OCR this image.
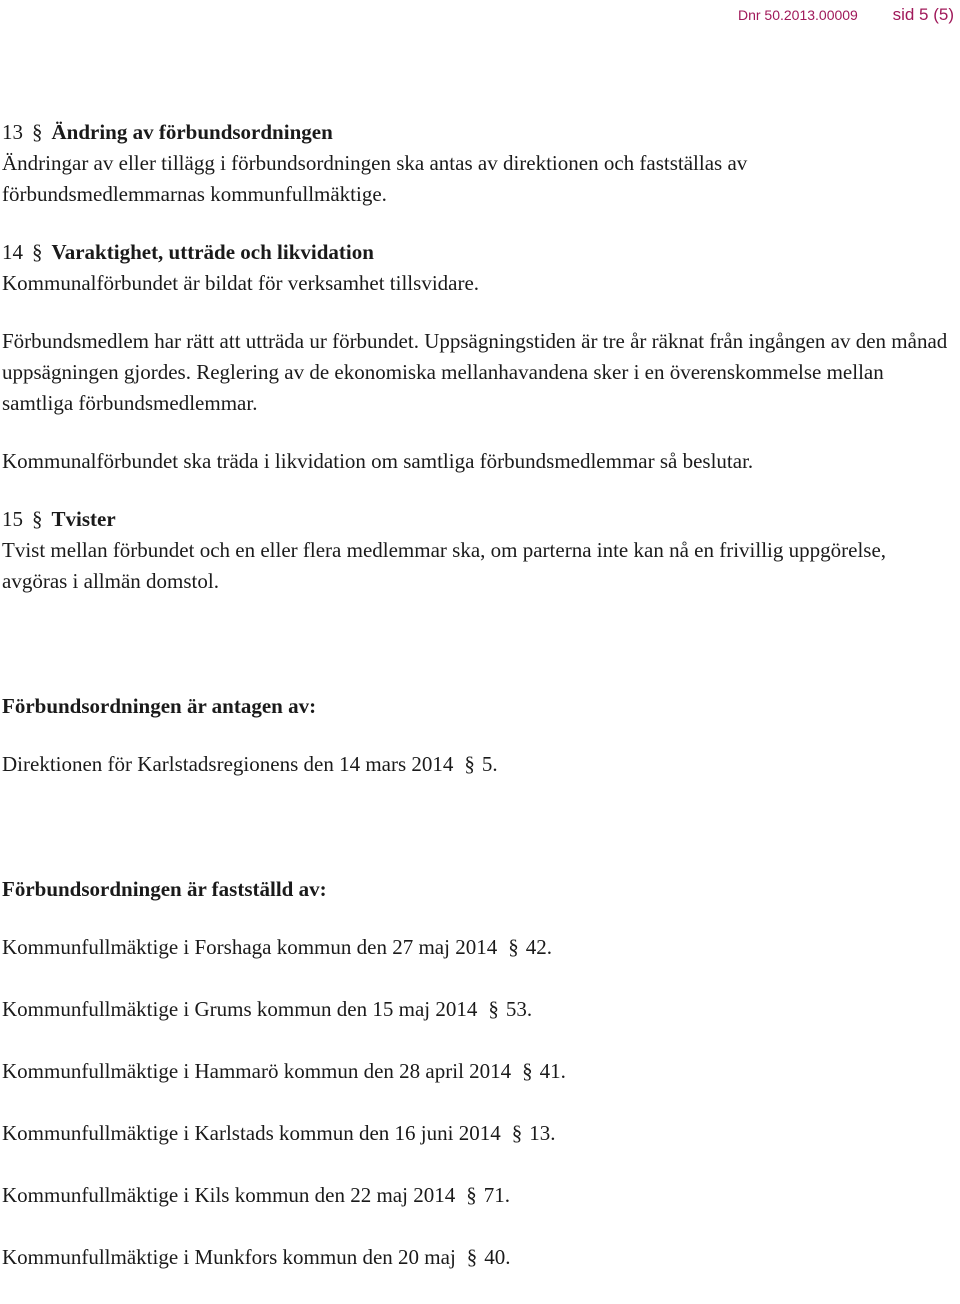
Dnr 50.2013.00009 sid 5 (5)
13 § Ändring av förbundsordningen

Ändringar av eller tillägg i förbundsordningen ska antas av direktionen och fastställas av förbundsmedlemmarnas kommunfullmäktige.

14 § Varaktighet, utträde och likvidation

Kommunalförbundet är bildat för verksamhet tillsvidare.

Förbundsmedlem har rätt att utträda ur förbundet. Uppsägningstiden är tre år räknat från ingången av den månad uppsägningen gjordes. Reglering av de ekonomiska mellanhavandena sker i en överenskommelse mellan samtliga förbundsmedlemmar.

Kommunalförbundet ska träda i likvidation om samtliga förbundsmedlemmar så beslutar.

15 § Tvister

Tvist mellan förbundet och en eller flera medlemmar ska, om parterna inte kan nå en frivillig uppgörelse, avgöras i allmän domstol.

Förbundsordningen är antagen av:

Direktionen för Karlstadsregionens den 14 mars 2014 § 5.

Förbundsordningen är fastställd av:

Kommunfullmäktige i Forshaga kommun den 27 maj 2014 § 42.

Kommunfullmäktige i Grums kommun den 15 maj 2014 § 53.

Kommunfullmäktige i Hammarö kommun den 28 april 2014 § 41.

Kommunfullmäktige i Karlstads kommun den 16 juni 2014 § 13.

Kommunfullmäktige i Kils kommun den 22 maj 2014 § 71.

Kommunfullmäktige i Munkfors kommun den 20 maj § 40.
